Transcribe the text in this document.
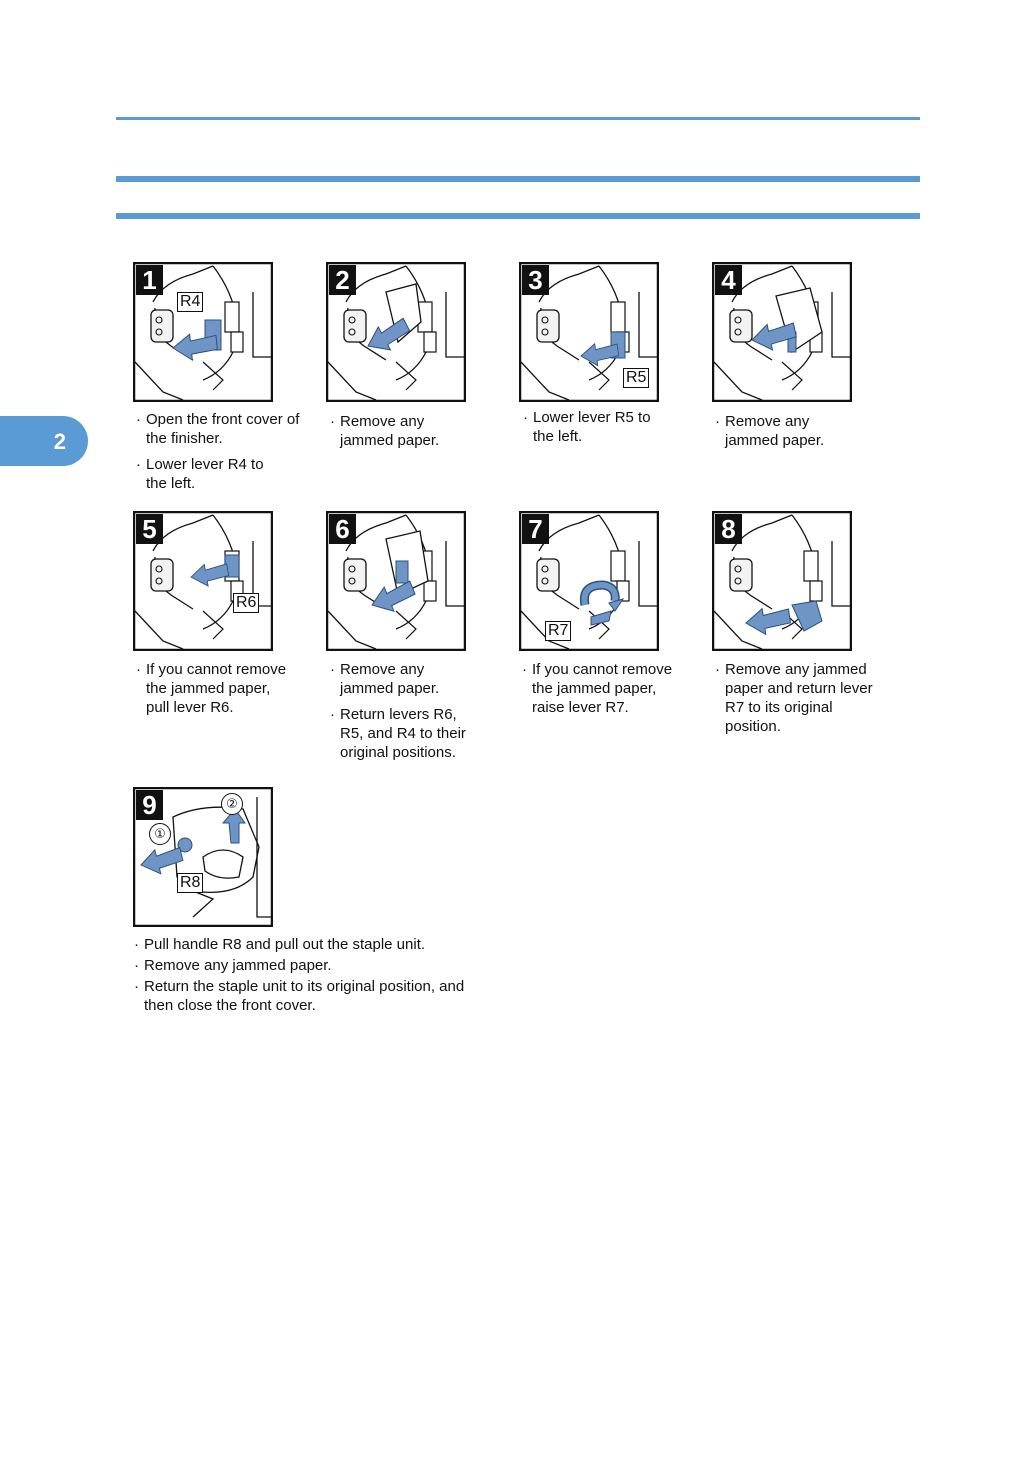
2
1
R4
· Open the front cover of the finisher.
· Lower lever R4 to the left.
2
· Remove any jammed paper.
3
R5
· Lower lever R5 to the left.
4
· Remove any jammed paper.
5
R6
· If you cannot remove the jammed paper, pull lever R6.
6
· Remove any jammed paper.
· Return levers R6, R5, and R4 to their original positions.
7
R7
· If you cannot remove the jammed paper, raise lever R7.
8
· Remove any jammed paper and return lever R7 to its original position.
9
R8
①
②
· Pull handle R8 and pull out the staple unit.
· Remove any jammed paper.
· Return the staple unit to its original position, and then close the front cover.
